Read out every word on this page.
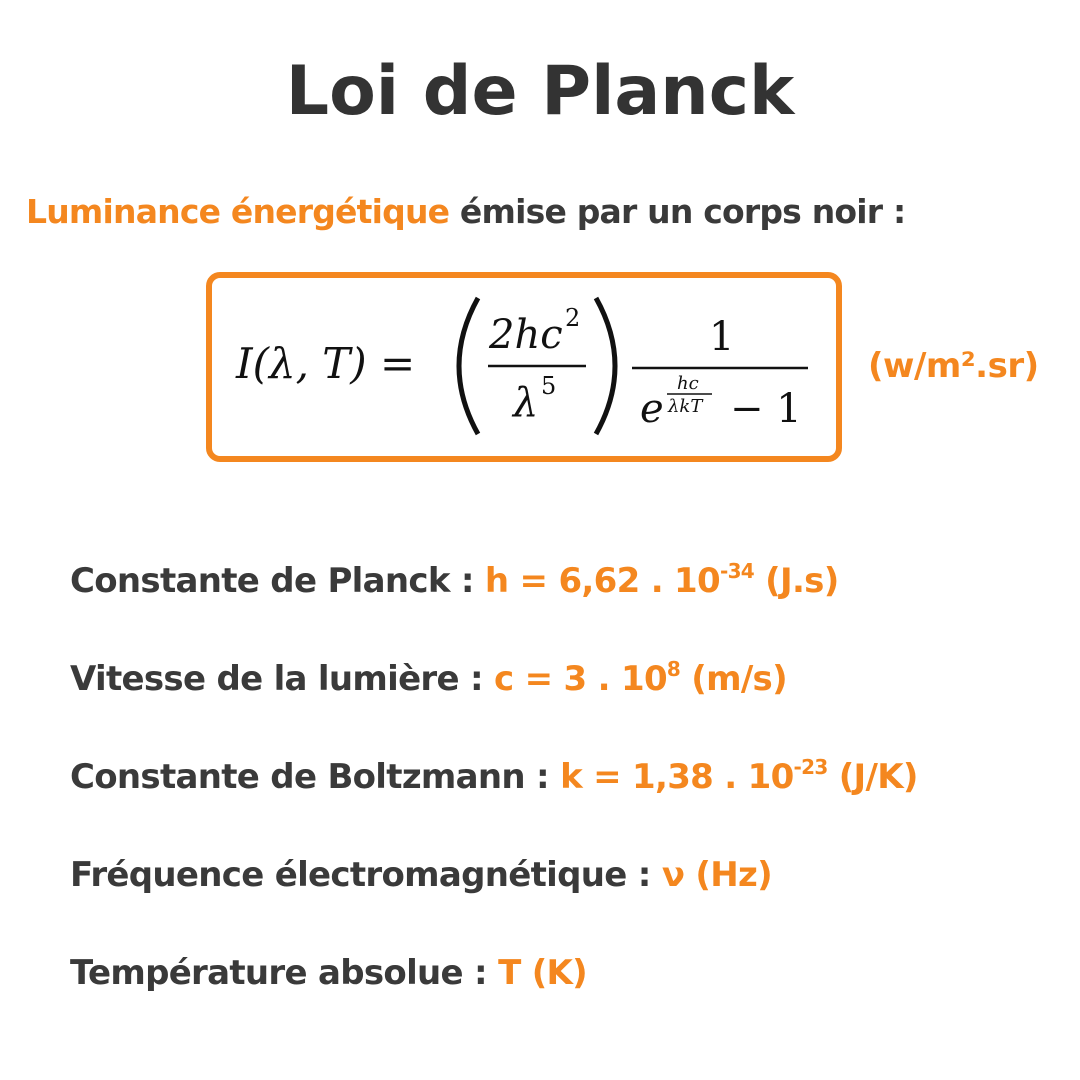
Loi de Planck
Luminance énergétique émise par un corps noir :
I(λ, T) =
2hc 2
λ 5
1
e
hc
λkT − 1
(w/m².sr)
Constante de Planck : h = 6,62 . $10^{-34}$ (J.s)
Vitesse de la lumière : c = 3 . $10^8$ (m/s)
Constante de Boltzmann : k = 1,38 . $10^{-23}$ (J/K)
Fréquence électromagnétique : ν (Hz)
Température absolue : T (K)
